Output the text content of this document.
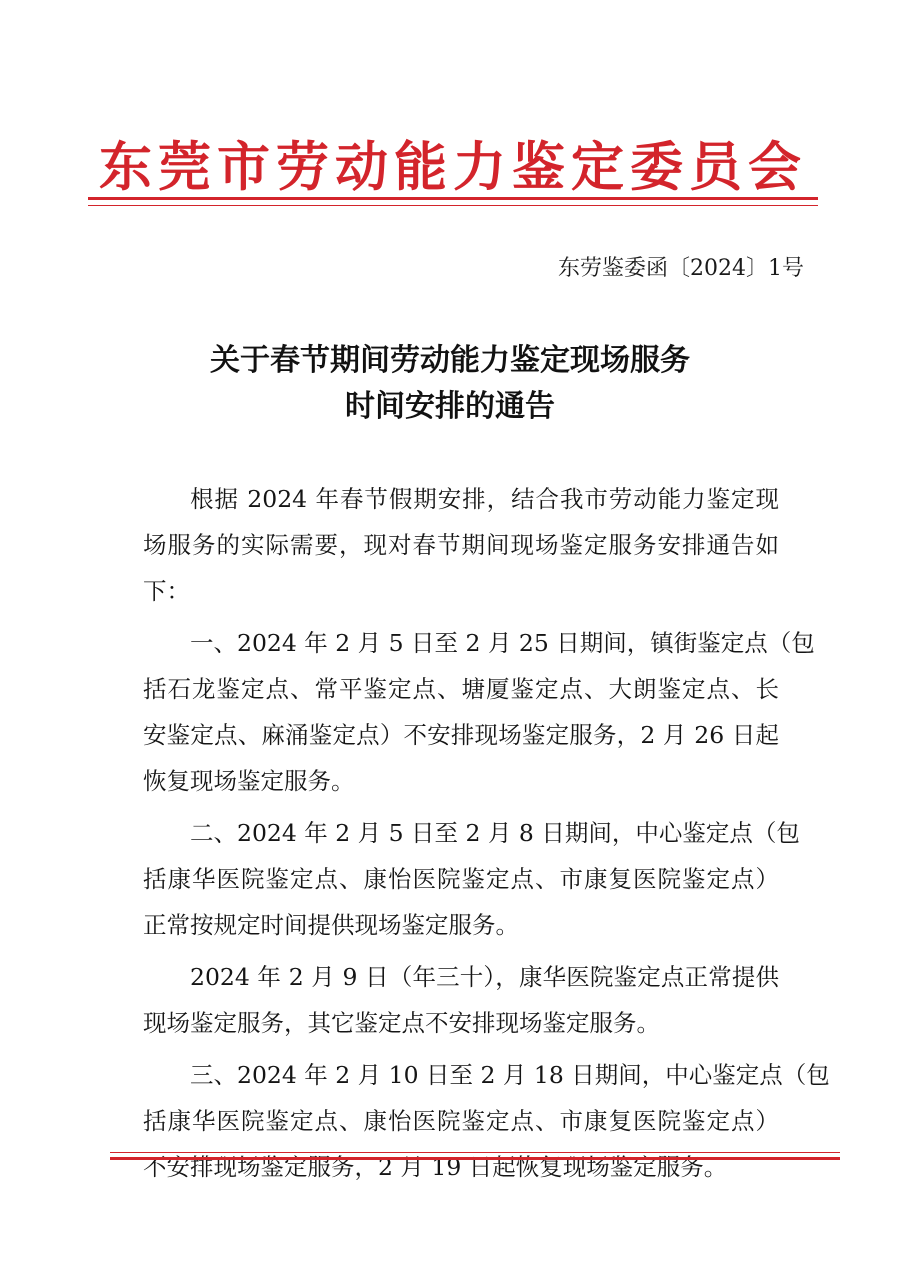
东莞市劳动能力鉴定委员会
东劳鉴委函〔2024〕1号
关于春节期间劳动能力鉴定现场服务
时间安排的通告
根据 2024 年春节假期安排，结合我市劳动能力鉴定现
场服务的实际需要，现对春节期间现场鉴定服务安排通告如
下：
一、2024 年 2 月 5 日至 2 月 25 日期间，镇街鉴定点（包
括石龙鉴定点、常平鉴定点、塘厦鉴定点、大朗鉴定点、长
安鉴定点、麻涌鉴定点）不安排现场鉴定服务，2 月 26 日起
恢复现场鉴定服务。
二、2024 年 2 月 5 日至 2 月 8 日期间，中心鉴定点（包
括康华医院鉴定点、康怡医院鉴定点、市康复医院鉴定点）
正常按规定时间提供现场鉴定服务。
2024 年 2 月 9 日（年三十），康华医院鉴定点正常提供
现场鉴定服务，其它鉴定点不安排现场鉴定服务。
三、2024 年 2 月 10 日至 2 月 18 日期间，中心鉴定点（包
括康华医院鉴定点、康怡医院鉴定点、市康复医院鉴定点）
不安排现场鉴定服务，2 月 19 日起恢复现场鉴定服务。
